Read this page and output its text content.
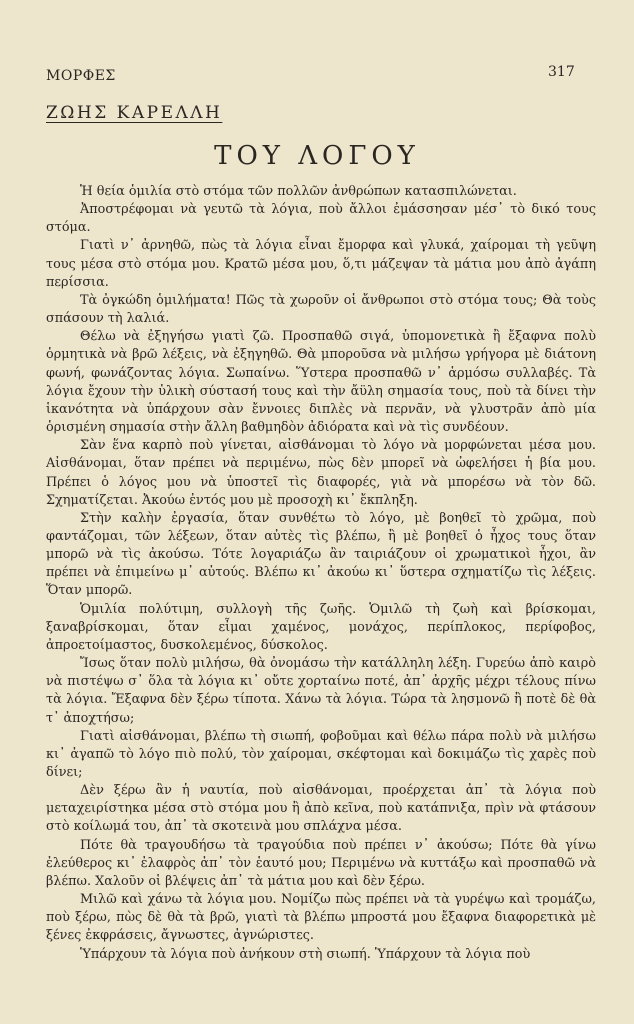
ΜΟΡΦΕΣ	317
ΖΩΗΣ ΚΑΡΕΛΛΗ
ΤΟΥ ΛΟΓΟΥ

Ἡ θεία ὁμιλία στὸ στόμα τῶν πολλῶν ἀνθρώπων κατασπιλώνεται.

Ἀποστρέφομαι νὰ γευτῶ τὰ λόγια, ποὺ ἄλλοι ἐμάσσησαν μέσ᾽ τὸ δικό τους στόμα.

Γιατὶ ν᾽ ἀρνηθῶ, πὼς τὰ λόγια εἶναι ἔμορφα καὶ γλυκά, χαίρομαι τὴ γεῦψη τους μέσα στὸ στόμα μου. Κρατῶ μέσα μου, ὅ,τι μάζεψαν τὰ μάτια μου ἀπὸ ἀγάπη περίσσια.

Τὰ ὀγκώδη ὁμιλήματα! Πῶς τὰ χωροῦν οἱ ἄνθρωποι στὸ στόμα τους; Θὰ τοὺς σπάσουν τὴ λαλιά.

Θέλω νὰ ἐξηγήσω γιατὶ ζῶ. Προσπαθῶ σιγά, ὑπομονετικὰ ἢ ἔξαφνα πολὺ ὁρμητικὰ νὰ βρῶ λέξεις, νὰ ἐξηγηθῶ. Θὰ μποροῦσα νὰ μιλήσω γρήγορα μὲ διάτονη φωνή, φωνάζοντας λόγια. Σωπαίνω. Ὕστερα προσπαθῶ ν᾽ ἁρμόσω συλλαβές. Τὰ λόγια ἔχουν τὴν ὑλικὴ σύστασή τους καὶ τὴν ἄϋλη σημασία τους, ποὺ τὰ δίνει τὴν ἱκανότητα νὰ ὑπάρχουν σὰν ἔννοιες διπλὲς νὰ περνᾶν, νὰ γλυστρᾶν ἀπὸ μία ὁρισμένη σημασία στὴν ἄλλη βαθμηδὸν ἀδιόρατα καὶ νὰ τὶς συνδέουν.

Σὰν ἕνα καρπὸ ποὺ γίνεται, αἰσθάνομαι τὸ λόγο νὰ μορφώνεται μέσα μου. Αἰσθάνομαι, ὅταν πρέπει νὰ περιμένω, πὼς δὲν μπορεῖ νὰ ὠφελήσει ἡ βία μου. Πρέπει ὁ λόγος μου νὰ ὑποστεῖ τὶς διαφορές, γιὰ νὰ μπορέσω νὰ τὸν δῶ. Σχηματίζεται. Ἀκούω ἐντός μου μὲ προσοχὴ κι᾽ ἔκπληξη.

Στὴν καλὴν ἐργασία, ὅταν συνθέτω τὸ λόγο, μὲ βοηθεῖ τὸ χρῶμα, ποὺ φαντάζομαι, τῶν λέξεων, ὅταν αὐτὲς τὶς βλέπω, ἢ μὲ βοηθεῖ ὁ ἦχος τους ὅταν μπορῶ νὰ τὶς ἀκούσω. Τότε λογαριάζω ἂν ταιριάζουν οἱ χρωματικοὶ ἦχοι, ἂν πρέπει νὰ ἐπιμείνω μ᾽ αὐτούς. Βλέπω κι᾽ ἀκούω κι᾽ ὕστερα σχηματίζω τὶς λέξεις. Ὅταν μπορῶ.

Ὁμιλία πολύτιμη, συλλογὴ τῆς ζωῆς. Ὁμιλῶ τὴ ζωὴ καὶ βρίσκομαι, ξαναβρίσκομαι, ὅταν εἶμαι χαμένος, μονάχος, περίπλοκος, περίφοβος, ἀπροετοίμαστος, δυσκολεμένος, δύσκολος.

Ἴσως ὅταν πολὺ μιλήσω, θὰ ὀνομάσω τὴν κατάλληλη λέξη. Γυρεύω ἀπὸ καιρὸ νὰ πιστέψω σ᾽ ὅλα τὰ λόγια κι᾽ οὔτε χορταίνω ποτέ, ἀπ᾽ ἀρχῆς μέχρι τέλους πίνω τὰ λόγια. Ἔξαφνα δὲν ξέρω τίποτα. Χάνω τὰ λόγια. Τώρα τὰ λησμονῶ ἢ ποτὲ δὲ θὰ τ᾽ ἀποχτήσω;

Γιατὶ αἰσθάνομαι, βλέπω τὴ σιωπή, φοβοῦμαι καὶ θέλω πάρα πολὺ νὰ μιλήσω κι᾽ ἀγαπῶ τὸ λόγο πιὸ πολύ, τὸν χαίρομαι, σκέφτομαι καὶ δοκιμάζω τὶς χαρὲς ποὺ δίνει;

Δὲν ξέρω ἂν ἡ ναυτία, ποὺ αἰσθάνομαι, προέρχεται ἀπ᾽ τὰ λόγια ποὺ μεταχειρίστηκα μέσα στὸ στόμα μου ἢ ἀπὸ κεῖνα, ποὺ κατάπνιξα, πρὶν νὰ φτάσουν στὸ κοίλωμά του, ἀπ᾽ τὰ σκοτεινὰ μου σπλάχνα μέσα.

Πότε θὰ τραγουδήσω τὰ τραγούδια ποὺ πρέπει ν᾽ ἀκούσω; Πότε θὰ γίνω ἐλεύθερος κι᾽ ἐλαφρὸς ἀπ᾽ τὸν ἑαυτό μου; Περιμένω νὰ κυττάξω καὶ προσπαθῶ νὰ βλέπω. Χαλοῦν οἱ βλέψεις ἀπ᾽ τὰ μάτια μου καὶ δὲν ξέρω.

Μιλῶ καὶ χάνω τὰ λόγια μου. Νομίζω πὼς πρέπει νὰ τὰ γυρέψω καὶ τρομάζω, ποὺ ξέρω, πὼς δὲ θὰ τὰ βρῶ, γιατὶ τὰ βλέπω μπροστά μου ἔξαφνα διαφορετικὰ μὲ ξένες ἐκφράσεις, ἄγνωστες, ἀγνώριστες.

Ὑπάρχουν τὰ λόγια ποὺ ἀνήκουν στὴ σιωπή. Ὑπάρχουν τὰ λόγια ποὺ
